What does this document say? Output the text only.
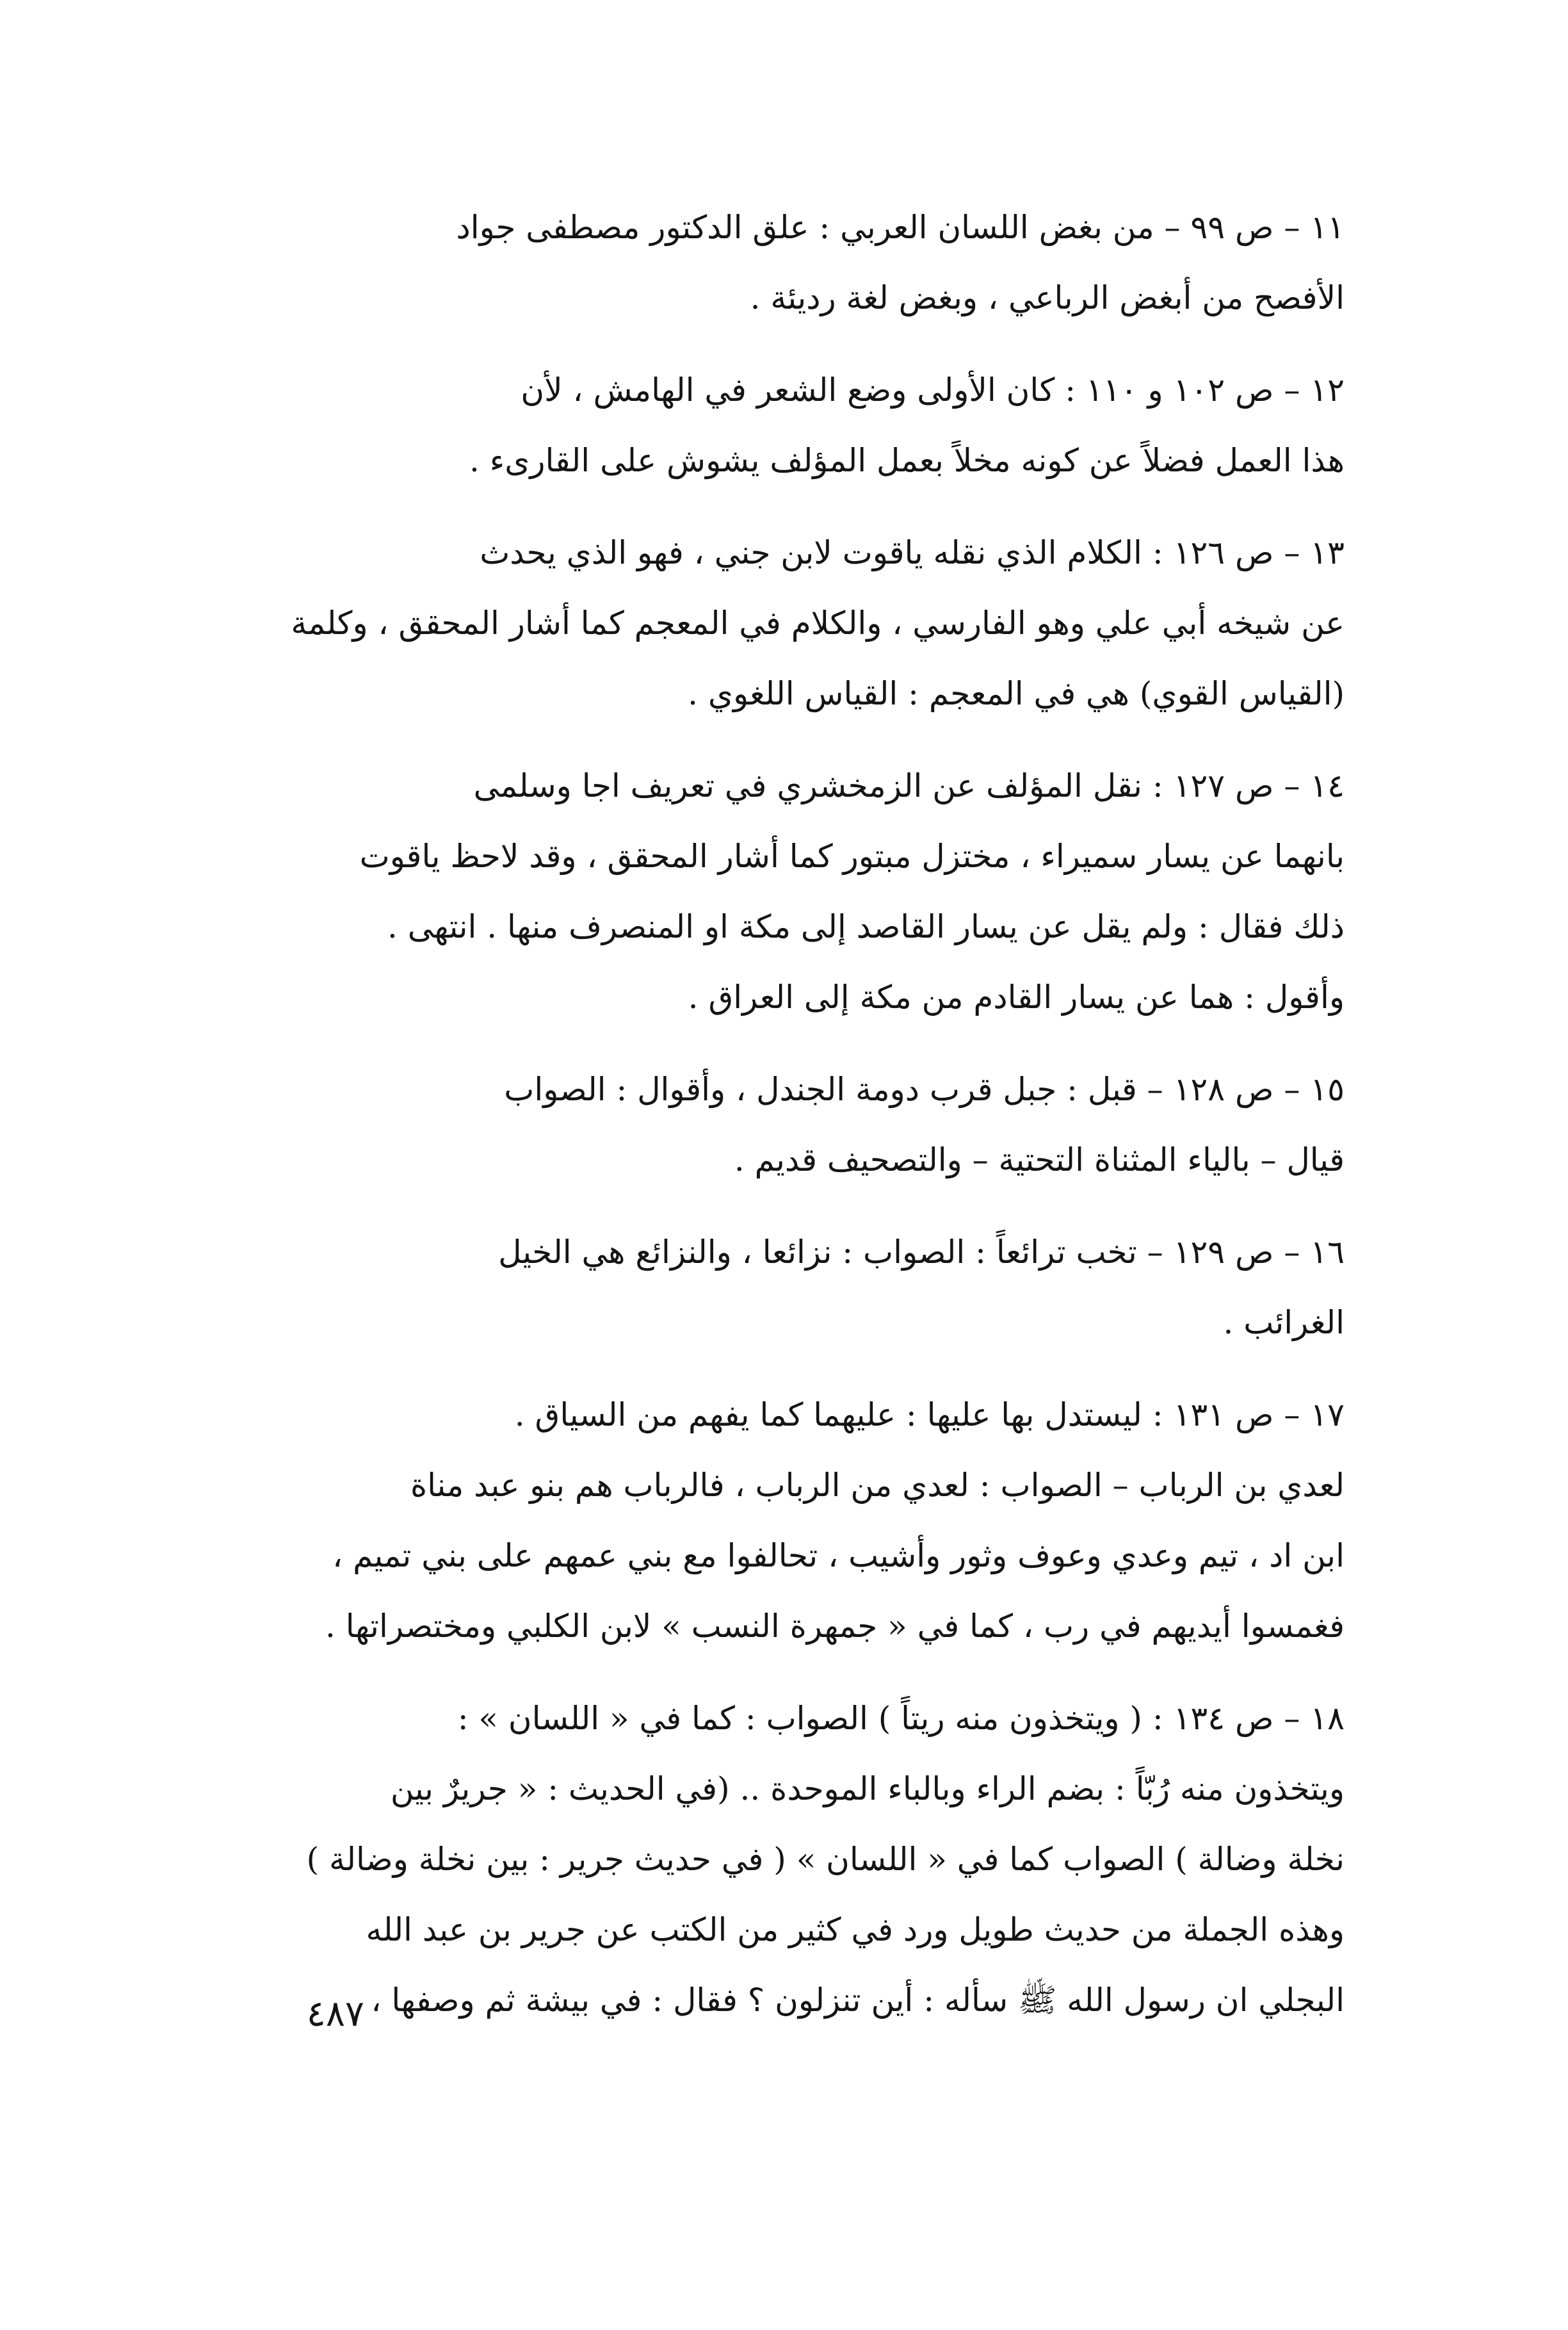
١١ – ص ٩٩ – من بغض اللسان العربي : علق الدكتور مصطفى جواد

الأفصح من أبغض الرباعي ، وبغض لغة رديئة .

١٢ – ص ١٠٢ و ١١٠ : كان الأولى وضع الشعر في الهامش ، لأن

هذا العمل فضلاً عن كونه مخلاً بعمل المؤلف يشوش على القارىء .

١٣ – ص ١٢٦ : الكلام الذي نقله ياقوت لابن جني ، فهو الذي يحدث

عن شيخه أبي علي وهو الفارسي ، والكلام في المعجم كما أشار المحقق ، وكلمة

(القياس القوي) هي في المعجم : القياس اللغوي .

١٤ – ص ١٢٧ : نقل المؤلف عن الزمخشري في تعريف اجا وسلمى

بانهما عن يسار سميراء ، مختزل مبتور كما أشار المحقق ، وقد لاحظ ياقوت

ذلك فقال : ولم يقل عن يسار القاصد إلى مكة او المنصرف منها . انتهى .

وأقول : هما عن يسار القادم من مكة إلى العراق .

١٥ – ص ١٢٨ – قبل : جبل قرب دومة الجندل ، وأقوال : الصواب

قيال – بالياء المثناة التحتية – والتصحيف قديم .

١٦ – ص ١٢٩ – تخب ترائعاً : الصواب : نزائعا ، والنزائع هي الخيل

الغرائب .

١٧ – ص ١٣١ : ليستدل بها عليها : عليهما كما يفهم من السياق .

لعدي بن الرباب – الصواب : لعدي من الرباب ، فالرباب هم بنو عبد مناة

ابن اد ، تيم وعدي وعوف وثور وأشيب ، تحالفوا مع بني عمهم على بني تميم ،

فغمسوا أيديهم في رب ، كما في « جمهرة النسب » لابن الكلبي ومختصراتها .

١٨ – ص ١٣٤ : ( ويتخذون منه ريتاً ) الصواب : كما في « اللسان » :

ويتخذون منه رُبّاً : بضم الراء وبالباء الموحدة .. (في الحديث : « جريرٌ بين

نخلة وضالة ) الصواب كما في « اللسان » ( في حديث جرير : بين نخلة وضالة )

وهذه الجملة من حديث طويل ورد في كثير من الكتب عن جرير بن عبد الله

البجلي ان رسول الله ﷺ سأله : أين تنزلون ؟ فقال : في بيشة ثم وصفها ،

٤٨٧
